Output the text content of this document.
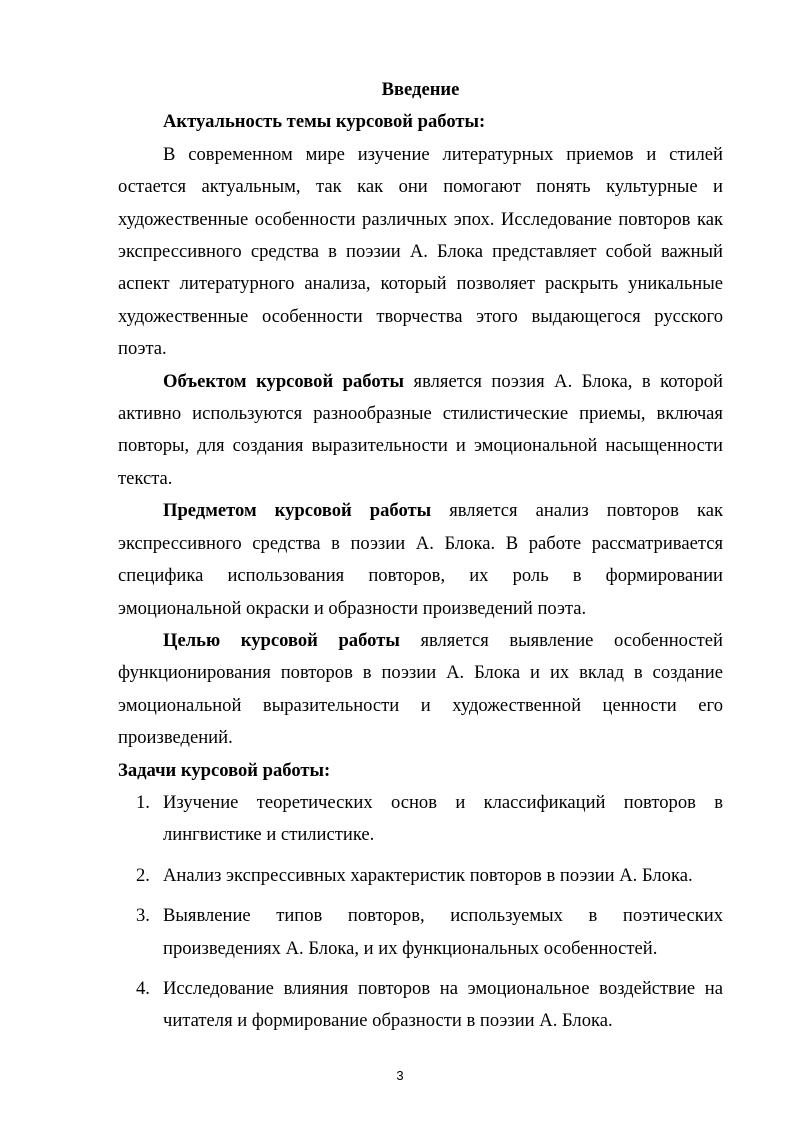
Введение

Актуальность темы курсовой работы:

В современном мире изучение литературных приемов и стилей остается актуальным, так как они помогают понять культурные и художественные особенности различных эпох. Исследование повторов как экспрессивного средства в поэзии А. Блока представляет собой важный аспект литературного анализа, который позволяет раскрыть уникальные художественные особенности творчества этого выдающегося русского поэта.

Объектом курсовой работы является поэзия А. Блока, в которой активно используются разнообразные стилистические приемы, включая повторы, для создания выразительности и эмоциональной насыщенности текста.

Предметом курсовой работы является анализ повторов как экспрессивного средства в поэзии А. Блока. В работе рассматривается специфика использования повторов, их роль в формировании эмоциональной окраски и образности произведений поэта.

Целью курсовой работы является выявление особенностей функционирования повторов в поэзии А. Блока и их вклад в создание эмоциональной выразительности и художественной ценности его произведений.

Задачи курсовой работы:

1. Изучение теоретических основ и классификаций повторов в лингвистике и стилистике.
2. Анализ экспрессивных характеристик повторов в поэзии А. Блока.
3. Выявление типов повторов, используемых в поэтических произведениях А. Блока, и их функциональных особенностей.
4. Исследование влияния повторов на эмоциональное воздействие на читателя и формирование образности в поэзии А. Блока.
3
